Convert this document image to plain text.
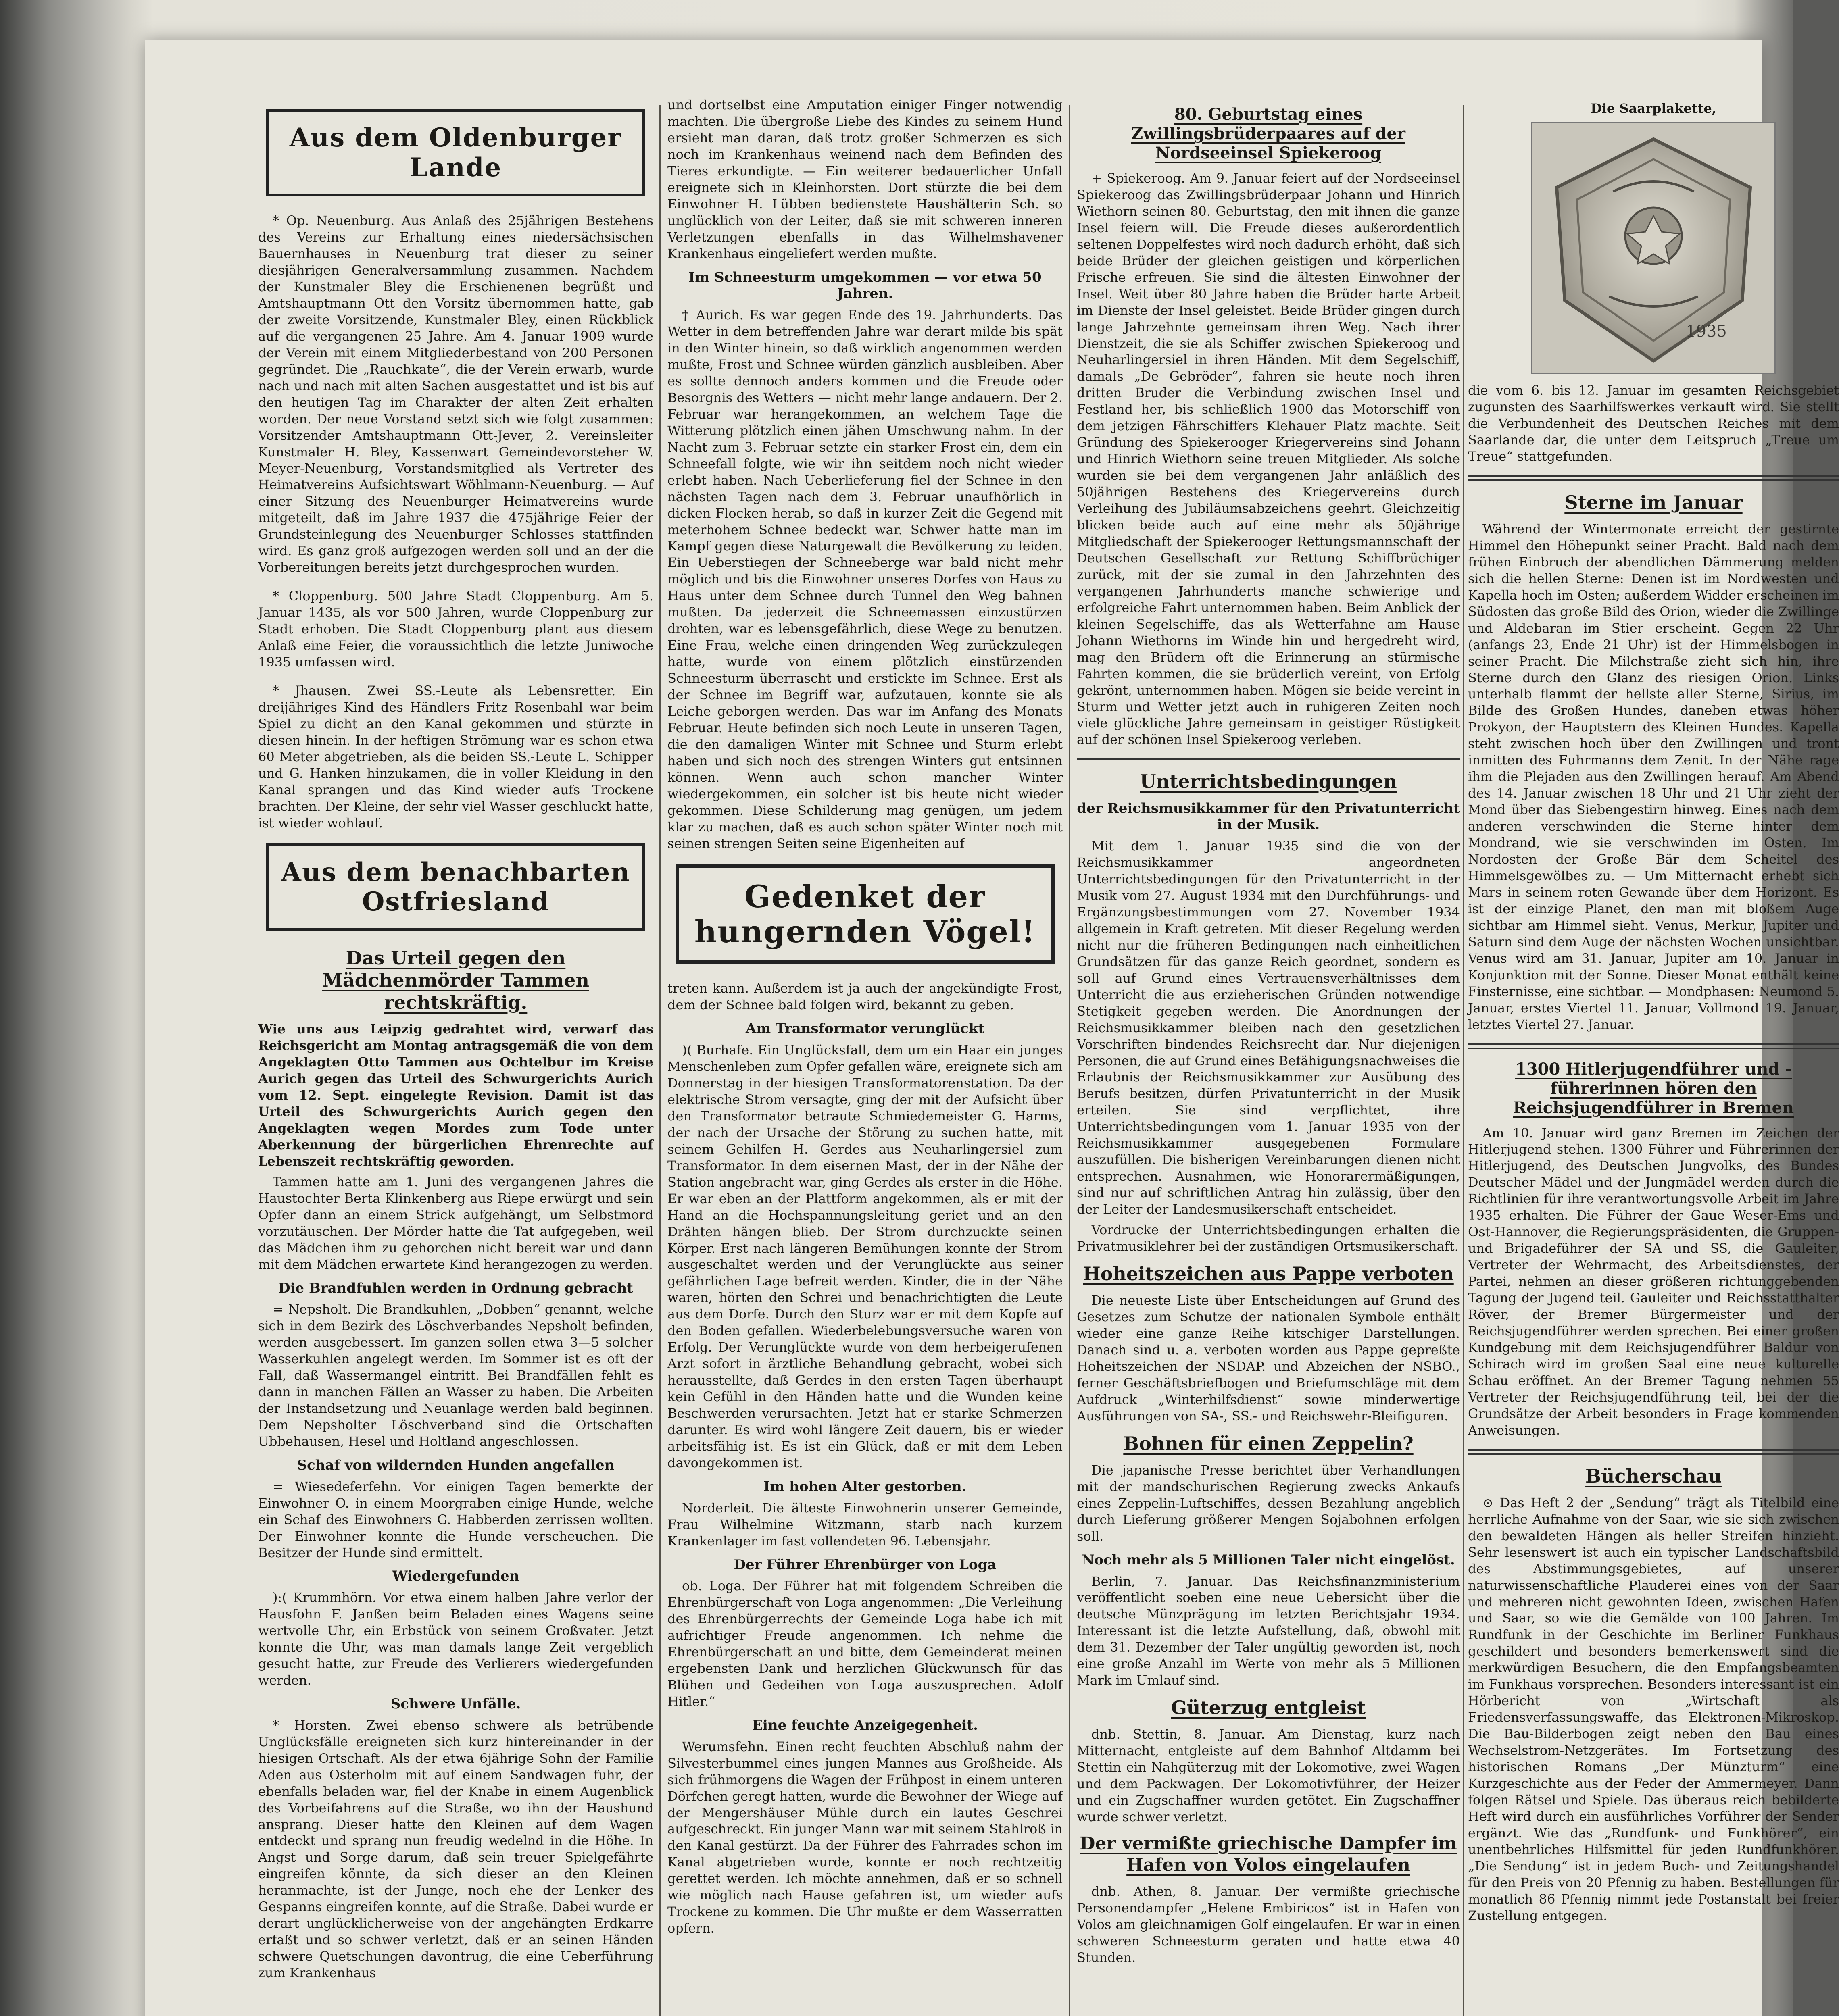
Aus dem Oldenburger Lande
* Op. Neuenburg. Aus Anlaß des 25jährigen Bestehens des Vereins zur Erhaltung eines niedersächsischen Bauernhauses in Neuenburg trat dieser zu seiner diesjährigen Generalversammlung zusammen. Nachdem der Kunstmaler Bley die Erschienenen begrüßt und Amtshauptmann Ott den Vorsitz übernommen hatte, gab der zweite Vorsitzende, Kunstmaler Bley, einen Rückblick auf die vergangenen 25 Jahre. Am 4. Januar 1909 wurde der Verein mit einem Mitgliederbestand von 200 Personen gegründet. Die „Rauchkate“, die der Verein erwarb, wurde nach und nach mit alten Sachen ausgestattet und ist bis auf den heutigen Tag im Charakter der alten Zeit erhalten worden. Der neue Vorstand setzt sich wie folgt zusammen: Vorsitzender Amtshauptmann Ott-Jever, 2. Vereinsleiter Kunstmaler H. Bley, Kassenwart Gemeindevorsteher W. Meyer-Neuenburg, Vorstandsmitglied als Vertreter des Heimatvereins Aufsichtswart Wöhlmann-Neuenburg. — Auf einer Sitzung des Neuenburger Heimatvereins wurde mitgeteilt, daß im Jahre 1937 die 475jährige Feier der Grundsteinlegung des Neuenburger Schlosses stattfinden wird. Es ganz groß aufgezogen werden soll und an der die Vorbereitungen bereits jetzt durchgesprochen wurden.
* Cloppenburg. 500 Jahre Stadt Cloppenburg. Am 5. Januar 1435, als vor 500 Jahren, wurde Cloppenburg zur Stadt erhoben. Die Stadt Cloppenburg plant aus diesem Anlaß eine Feier, die voraussichtlich die letzte Juniwoche 1935 umfassen wird.
* Jhausen. Zwei SS.-Leute als Lebensretter. Ein dreijähriges Kind des Händlers Fritz Rosenbahl war beim Spiel zu dicht an den Kanal gekommen und stürzte in diesen hinein. In der heftigen Strömung war es schon etwa 60 Meter abgetrieben, als die beiden SS.-Leute L. Schipper und G. Hanken hinzukamen, die in voller Kleidung in den Kanal sprangen und das Kind wieder aufs Trockene brachten. Der Kleine, der sehr viel Wasser geschluckt hatte, ist wieder wohlauf.
Aus dem benachbarten Ostfriesland
Das Urteil gegen den Mädchenmörder Tammen rechtskräftig.
Wie uns aus Leipzig gedrahtet wird, verwarf das Reichsgericht am Montag antragsgemäß die von dem Angeklagten Otto Tammen aus Ochtelbur im Kreise Aurich gegen das Urteil des Schwurgerichts Aurich vom 12. Sept. eingelegte Revision. Damit ist das Urteil des Schwurgerichts Aurich gegen den Angeklagten wegen Mordes zum Tode unter Aberkennung der bürgerlichen Ehrenrechte auf Lebenszeit rechtskräftig geworden.
Tammen hatte am 1. Juni des vergangenen Jahres die Haustochter Berta Klinkenberg aus Riepe erwürgt und sein Opfer dann an einem Strick aufgehängt, um Selbstmord vorzutäuschen. Der Mörder hatte die Tat aufgegeben, weil das Mädchen ihm zu gehorchen nicht bereit war und dann mit dem Mädchen erwartete Kind herangezogen zu werden.
Die Brandfuhlen werden in Ordnung gebracht
= Nepsholt. Die Brandkuhlen, „Dobben“ genannt, welche sich in dem Bezirk des Löschverbandes Nepsholt befinden, werden ausgebessert. Im ganzen sollen etwa 3—5 solcher Wasserkuhlen angelegt werden. Im Sommer ist es oft der Fall, daß Wassermangel eintritt. Bei Brandfällen fehlt es dann in manchen Fällen an Wasser zu haben. Die Arbeiten der Instandsetzung und Neuanlage werden bald beginnen. Dem Nepsholter Löschverband sind die Ortschaften Ubbehausen, Hesel und Holtland angeschlossen.
Schaf von wildernden Hunden angefallen
= Wiesedeferfehn. Vor einigen Tagen bemerkte der Einwohner O. in einem Moorgraben einige Hunde, welche ein Schaf des Einwohners G. Habberden zerrissen wollten. Der Einwohner konnte die Hunde verscheuchen. Die Besitzer der Hunde sind ermittelt.
Wiedergefunden
):( Krummhörn. Vor etwa einem halben Jahre verlor der Hausfohn F. Janßen beim Beladen eines Wagens seine wertvolle Uhr, ein Erbstück von seinem Großvater. Jetzt konnte die Uhr, was man damals lange Zeit vergeblich gesucht hatte, zur Freude des Verlierers wiedergefunden werden.
Schwere Unfälle.
* Horsten. Zwei ebenso schwere als betrübende Unglücksfälle ereigneten sich kurz hintereinander in der hiesigen Ortschaft. Als der etwa 6jährige Sohn der Familie Aden aus Osterholm mit auf einem Sandwagen fuhr, der ebenfalls beladen war, fiel der Knabe in einem Augenblick des Vorbeifahrens auf die Straße, wo ihn der Haushund ansprang. Dieser hatte den Kleinen auf dem Wagen entdeckt und sprang nun freudig wedelnd in die Höhe. In Angst und Sorge darum, daß sein treuer Spielgefährte eingreifen könnte, da sich dieser an den Kleinen heranmachte, ist der Junge, noch ehe der Lenker des Gespanns eingreifen konnte, auf die Straße. Dabei wurde er derart unglücklicherweise von der angehängten Erdkarre erfaßt und so schwer verletzt, daß er an seinen Händen schwere Quetschungen davontrug, die eine Ueberführung zum Krankenhaus
und dortselbst eine Amputation einiger Finger notwendig machten. Die übergroße Liebe des Kindes zu seinem Hund ersieht man daran, daß trotz großer Schmerzen es sich noch im Krankenhaus weinend nach dem Befinden des Tieres erkundigte. — Ein weiterer bedauerlicher Unfall ereignete sich in Kleinhorsten. Dort stürzte die bei dem Einwohner H. Lübben bedienstete Haushälterin Sch. so unglücklich von der Leiter, daß sie mit schweren inneren Verletzungen ebenfalls in das Wilhelmshavener Krankenhaus eingeliefert werden mußte.
Im Schneesturm umgekommen — vor etwa 50 Jahren.
† Aurich. Es war gegen Ende des 19. Jahrhunderts. Das Wetter in dem betreffenden Jahre war derart milde bis spät in den Winter hinein, so daß wirklich angenommen werden mußte, Frost und Schnee würden gänzlich ausbleiben. Aber es sollte dennoch anders kommen und die Freude oder Besorgnis des Wetters — nicht mehr lange andauern. Der 2. Februar war herangekommen, an welchem Tage die Witterung plötzlich einen jähen Umschwung nahm. In der Nacht zum 3. Februar setzte ein starker Frost ein, dem ein Schneefall folgte, wie wir ihn seitdem noch nicht wieder erlebt haben. Nach Ueberlieferung fiel der Schnee in den nächsten Tagen nach dem 3. Februar unaufhörlich in dicken Flocken herab, so daß in kurzer Zeit die Gegend mit meterhohem Schnee bedeckt war. Schwer hatte man im Kampf gegen diese Naturgewalt die Bevölkerung zu leiden. Ein Ueberstiegen der Schneeberge war bald nicht mehr möglich und bis die Einwohner unseres Dorfes von Haus zu Haus unter dem Schnee durch Tunnel den Weg bahnen mußten. Da jederzeit die Schneemassen einzustürzen drohten, war es lebensgefährlich, diese Wege zu benutzen. Eine Frau, welche einen dringenden Weg zurückzulegen hatte, wurde von einem plötzlich einstürzenden Schneesturm überrascht und erstickte im Schnee. Erst als der Schnee im Begriff war, aufzutauen, konnte sie als Leiche geborgen werden. Das war im Anfang des Monats Februar. Heute befinden sich noch Leute in unseren Tagen, die den damaligen Winter mit Schnee und Sturm erlebt haben und sich noch des strengen Winters gut entsinnen können. Wenn auch schon mancher Winter wiedergekommen, ein solcher ist bis heute nicht wieder gekommen. Diese Schilderung mag genügen, um jedem klar zu machen, daß es auch schon später Winter noch mit seinen strengen Seiten seine Eigenheiten auf
Gedenket der hungernden Vögel!
treten kann. Außerdem ist ja auch der angekündigte Frost, dem der Schnee bald folgen wird, bekannt zu geben.
Am Transformator verunglückt
)( Burhafe. Ein Unglücksfall, dem um ein Haar ein junges Menschenleben zum Opfer gefallen wäre, ereignete sich am Donnerstag in der hiesigen Transformatorenstation. Da der elektrische Strom versagte, ging der mit der Aufsicht über den Transformator betraute Schmiedemeister G. Harms, der nach der Ursache der Störung zu suchen hatte, mit seinem Gehilfen H. Gerdes aus Neuharlingersiel zum Transformator. In dem eisernen Mast, der in der Nähe der Station angebracht war, ging Gerdes als erster in die Höhe. Er war eben an der Plattform angekommen, als er mit der Hand an die Hochspannungsleitung geriet und an den Drähten hängen blieb. Der Strom durchzuckte seinen Körper. Erst nach längeren Bemühungen konnte der Strom ausgeschaltet werden und der Verunglückte aus seiner gefährlichen Lage befreit werden. Kinder, die in der Nähe waren, hörten den Schrei und benachrichtigten die Leute aus dem Dorfe. Durch den Sturz war er mit dem Kopfe auf den Boden gefallen. Wiederbelebungsversuche waren von Erfolg. Der Verunglückte wurde von dem herbeigerufenen Arzt sofort in ärztliche Behandlung gebracht, wobei sich herausstellte, daß Gerdes in den ersten Tagen überhaupt kein Gefühl in den Händen hatte und die Wunden keine Beschwerden verursachten. Jetzt hat er starke Schmerzen darunter. Es wird wohl längere Zeit dauern, bis er wieder arbeitsfähig ist. Es ist ein Glück, daß er mit dem Leben davongekommen ist.
Im hohen Alter gestorben.
Norderleit. Die älteste Einwohnerin unserer Gemeinde, Frau Wilhelmine Witzmann, starb nach kurzem Krankenlager im fast vollendeten 96. Lebensjahr.
Der Führer Ehrenbürger von Loga
ob. Loga. Der Führer hat mit folgendem Schreiben die Ehrenbürgerschaft von Loga angenommen: „Die Verleihung des Ehrenbürgerrechts der Gemeinde Loga habe ich mit aufrichtiger Freude angenommen. Ich nehme die Ehrenbürgerschaft an und bitte, dem Gemeinderat meinen ergebensten Dank und herzlichen Glückwunsch für das Blühen und Gedeihen von Loga auszusprechen. Adolf Hitler.“
Eine feuchte Anzeigegenheit.
Werumsfehn. Einen recht feuchten Abschluß nahm der Silvesterbummel eines jungen Mannes aus Großheide. Als sich frühmorgens die Wagen der Frühpost in einem unteren Dörfchen geregt hatten, wurde die Bewohner der Wiege auf der Mengershäuser Mühle durch ein lautes Geschrei aufgeschreckt. Ein junger Mann war mit seinem Stahlroß in den Kanal gestürzt. Da der Führer des Fahrrades schon im Kanal abgetrieben wurde, konnte er noch rechtzeitig gerettet werden. Ich möchte annehmen, daß er so schnell wie möglich nach Hause gefahren ist, um wieder aufs Trockene zu kommen. Die Uhr mußte er dem Wasserratten opfern.
80. Geburtstag eines Zwillingsbrüderpaares auf der Nordseeinsel Spiekeroog
+ Spiekeroog. Am 9. Januar feiert auf der Nordseeinsel Spiekeroog das Zwillingsbrüderpaar Johann und Hinrich Wiethorn seinen 80. Geburtstag, den mit ihnen die ganze Insel feiern will. Die Freude dieses außerordentlich seltenen Doppelfestes wird noch dadurch erhöht, daß sich beide Brüder der gleichen geistigen und körperlichen Frische erfreuen. Sie sind die ältesten Einwohner der Insel. Weit über 80 Jahre haben die Brüder harte Arbeit im Dienste der Insel geleistet. Beide Brüder gingen durch lange Jahrzehnte gemeinsam ihren Weg. Nach ihrer Dienstzeit, die sie als Schiffer zwischen Spiekeroog und Neuharlingersiel in ihren Händen. Mit dem Segelschiff, damals „De Gebröder“, fahren sie heute noch ihren dritten Bruder die Verbindung zwischen Insel und Festland her, bis schließlich 1900 das Motorschiff von dem jetzigen Fährschiffers Klehauer Platz machte. Seit Gründung des Spiekerooger Kriegervereins sind Johann und Hinrich Wiethorn seine treuen Mitglieder. Als solche wurden sie bei dem vergangenen Jahr anläßlich des 50jährigen Bestehens des Kriegervereins durch Verleihung des Jubiläumsabzeichens geehrt. Gleichzeitig blicken beide auch auf eine mehr als 50jährige Mitgliedschaft der Spiekerooger Rettungsmannschaft der Deutschen Gesellschaft zur Rettung Schiffbrüchiger zurück, mit der sie zumal in den Jahrzehnten des vergangenen Jahrhunderts manche schwierige und erfolgreiche Fahrt unternommen haben. Beim Anblick der kleinen Segelschiffe, das als Wetterfahne am Hause Johann Wiethorns im Winde hin und hergedreht wird, mag den Brüdern oft die Erinnerung an stürmische Fahrten kommen, die sie brüderlich vereint, von Erfolg gekrönt, unternommen haben. Mögen sie beide vereint in Sturm und Wetter jetzt auch in ruhigeren Zeiten noch viele glückliche Jahre gemeinsam in geistiger Rüstigkeit auf der schönen Insel Spiekeroog verleben.
Unterrichtsbedingungen
der Reichsmusikkammer für den Privatunterricht in der Musik.
Mit dem 1. Januar 1935 sind die von der Reichsmusikkammer angeordneten Unterrichtsbedingungen für den Privatunterricht in der Musik vom 27. August 1934 mit den Durchführungs- und Ergänzungsbestimmungen vom 27. November 1934 allgemein in Kraft getreten. Mit dieser Regelung werden nicht nur die früheren Bedingungen nach einheitlichen Grundsätzen für das ganze Reich geordnet, sondern es soll auf Grund eines Vertrauensverhältnisses dem Unterricht die aus erzieherischen Gründen notwendige Stetigkeit gegeben werden. Die Anordnungen der Reichsmusikkammer bleiben nach den gesetzlichen Vorschriften bindendes Reichsrecht dar. Nur diejenigen Personen, die auf Grund eines Befähigungsnachweises die Erlaubnis der Reichsmusikkammer zur Ausübung des Berufs besitzen, dürfen Privatunterricht in der Musik erteilen. Sie sind verpflichtet, ihre Unterrichtsbedingungen vom 1. Januar 1935 von der Reichsmusikkammer ausgegebenen Formulare auszufüllen. Die bisherigen Vereinbarungen dienen nicht entsprechen. Ausnahmen, wie Honorarermäßigungen, sind nur auf schriftlichen Antrag hin zulässig, über den der Leiter der Landesmusikerschaft entscheidet.
Vordrucke der Unterrichtsbedingungen erhalten die Privatmusiklehrer bei der zuständigen Ortsmusikerschaft.
Hoheitszeichen aus Pappe verboten
Die neueste Liste über Entscheidungen auf Grund des Gesetzes zum Schutze der nationalen Symbole enthält wieder eine ganze Reihe kitschiger Darstellungen. Danach sind u. a. verboten worden aus Pappe gepreßte Hoheitszeichen der NSDAP. und Abzeichen der NSBO., ferner Geschäftsbriefbogen und Briefumschläge mit dem Aufdruck „Winterhilfsdienst“ sowie minderwertige Ausführungen von SA-, SS.- und Reichswehr-Bleifiguren.
Bohnen für einen Zeppelin?
Die japanische Presse berichtet über Verhandlungen mit der mandschurischen Regierung zwecks Ankaufs eines Zeppelin-Luftschiffes, dessen Bezahlung angeblich durch Lieferung größerer Mengen Sojabohnen erfolgen soll.
Noch mehr als 5 Millionen Taler nicht eingelöst.
Berlin, 7. Januar. Das Reichsfinanzministerium veröffentlicht soeben eine neue Uebersicht über die deutsche Münzprägung im letzten Berichtsjahr 1934. Interessant ist die letzte Aufstellung, daß, obwohl mit dem 31. Dezember der Taler ungültig geworden ist, noch eine große Anzahl im Werte von mehr als 5 Millionen Mark im Umlauf sind.
Güterzug entgleist
dnb. Stettin, 8. Januar. Am Dienstag, kurz nach Mitternacht, entgleiste auf dem Bahnhof Altdamm bei Stettin ein Nahgüterzug mit der Lokomotive, zwei Wagen und dem Packwagen. Der Lokomotivführer, der Heizer und ein Zugschaffner wurden getötet. Ein Zugschaffner wurde schwer verletzt.
Der vermißte griechische Dampfer im Hafen von Volos eingelaufen
dnb. Athen, 8. Januar. Der vermißte griechische Personendampfer „Helene Embiricos“ ist in Hafen von Volos am gleichnamigen Golf eingelaufen. Er war in einen schweren Schneesturm geraten und hatte etwa 40 Stunden.
Die Saarplakette,
1935
die vom 6. bis 12. Januar im gesamten Reichsgebiet zugunsten des Saarhilfswerkes verkauft wird. Sie stellt die Verbundenheit des Deutschen Reiches mit dem Saarlande dar, die unter dem Leitspruch „Treue um Treue“ stattgefunden.
Sterne im Januar
Während der Wintermonate erreicht der gestirnte Himmel den Höhepunkt seiner Pracht. Bald nach dem frühen Einbruch der abendlichen Dämmerung melden sich die hellen Sterne: Denen ist im Nordwesten und Kapella hoch im Osten; außerdem Widder erscheinen im Südosten das große Bild des Orion, wieder die Zwillinge und Aldebaran im Stier erscheint. Gegen 22 Uhr (anfangs 23, Ende 21 Uhr) ist der Himmelsbogen in seiner Pracht. Die Milchstraße zieht sich hin, ihre Sterne durch den Glanz des riesigen Orion. Links unterhalb flammt der hellste aller Sterne, Sirius, im Bilde des Großen Hundes, daneben etwas höher Prokyon, der Hauptstern des Kleinen Hundes. Kapella steht zwischen hoch über den Zwillingen und tront inmitten des Fuhrmanns dem Zenit. In der Nähe rage ihm die Plejaden aus den Zwillingen herauf. Am Abend des 14. Januar zwischen 18 Uhr und 21 Uhr zieht der Mond über das Siebengestirn hinweg. Eines nach dem anderen verschwinden die Sterne hinter dem Mondrand, wie sie verschwinden im Osten. Im Nordosten der Große Bär dem Scheitel des Himmelsgewölbes zu. — Um Mitternacht erhebt sich Mars in seinem roten Gewande über dem Horizont. Es ist der einzige Planet, den man mit bloßem Auge sichtbar am Himmel sieht. Venus, Merkur, Jupiter und Saturn sind dem Auge der nächsten Wochen unsichtbar. Venus wird am 31. Januar, Jupiter am 10. Januar in Konjunktion mit der Sonne. Dieser Monat enthält keine Finsternisse, eine sichtbar. — Mondphasen: Neumond 5. Januar, erstes Viertel 11. Januar, Vollmond 19. Januar, letztes Viertel 27. Januar.
1300 Hitlerjugendführer und -führerinnen hören den Reichsjugendführer in Bremen
Am 10. Januar wird ganz Bremen im Zeichen der Hitlerjugend stehen. 1300 Führer und Führerinnen der Hitlerjugend, des Deutschen Jungvolks, des Bundes Deutscher Mädel und der Jungmädel werden durch die Richtlinien für ihre verantwortungsvolle Arbeit im Jahre 1935 erhalten. Die Führer der Gaue Weser-Ems und Ost-Hannover, die Regierungspräsidenten, die Gruppen- und Brigadeführer der SA und SS, die Gauleiter, Vertreter der Wehrmacht, des Arbeitsdienstes, der Partei, nehmen an dieser größeren richtunggebenden Tagung der Jugend teil. Gauleiter und Reichsstatthalter Röver, der Bremer Bürgermeister und der Reichsjugendführer werden sprechen. Bei einer großen Kundgebung mit dem Reichsjugendführer Baldur von Schirach wird im großen Saal eine neue kulturelle Schau eröffnet. An der Bremer Tagung nehmen 55 Vertreter der Reichsjugendführung teil, bei der die Grundsätze der Arbeit besonders in Frage kommenden Anweisungen.
Bücherschau
⊙ Das Heft 2 der „Sendung“ trägt als Titelbild eine herrliche Aufnahme von der Saar, wie sie sich zwischen den bewaldeten Hängen als heller Streifen hinzieht. Sehr lesenswert ist auch ein typischer Landschaftsbild des Abstimmungsgebietes, auf unserer naturwissenschaftliche Plauderei eines von der Saar und mehreren nicht gewohnten Ideen, zwischen Hafen und Saar, so wie die Gemälde von 100 Jahren. Im Rundfunk in der Geschichte im Berliner Funkhaus geschildert und besonders bemerkenswert sind die merkwürdigen Besuchern, die den Empfangsbeamten im Funkhaus vorsprechen. Besonders interessant ist ein Hörbericht von „Wirtschaft als Friedensverfassungswaffe, das Elektronen-Mikroskop. Die Bau-Bilderbogen zeigt neben den Bau eines Wechselstrom-Netzgerätes. Im Fortsetzung des historischen Romans „Der Münzturm“ eine Kurzgeschichte aus der Feder der Ammermeyer. Dann folgen Rätsel und Spiele. Das überaus reich bebilderte Heft wird durch ein ausführliches Vorführer der Sender ergänzt. Wie das „Rundfunk- und Funkhörer“, ein unentbehrliches Hilfsmittel für jeden Rundfunkhörer. „Die Sendung“ ist in jedem Buch- und Zeitungshandel für den Preis von 20 Pfennig zu haben. Bestellungen für monatlich 86 Pfennig nimmt jede Postanstalt bei freier Zustellung entgegen.
